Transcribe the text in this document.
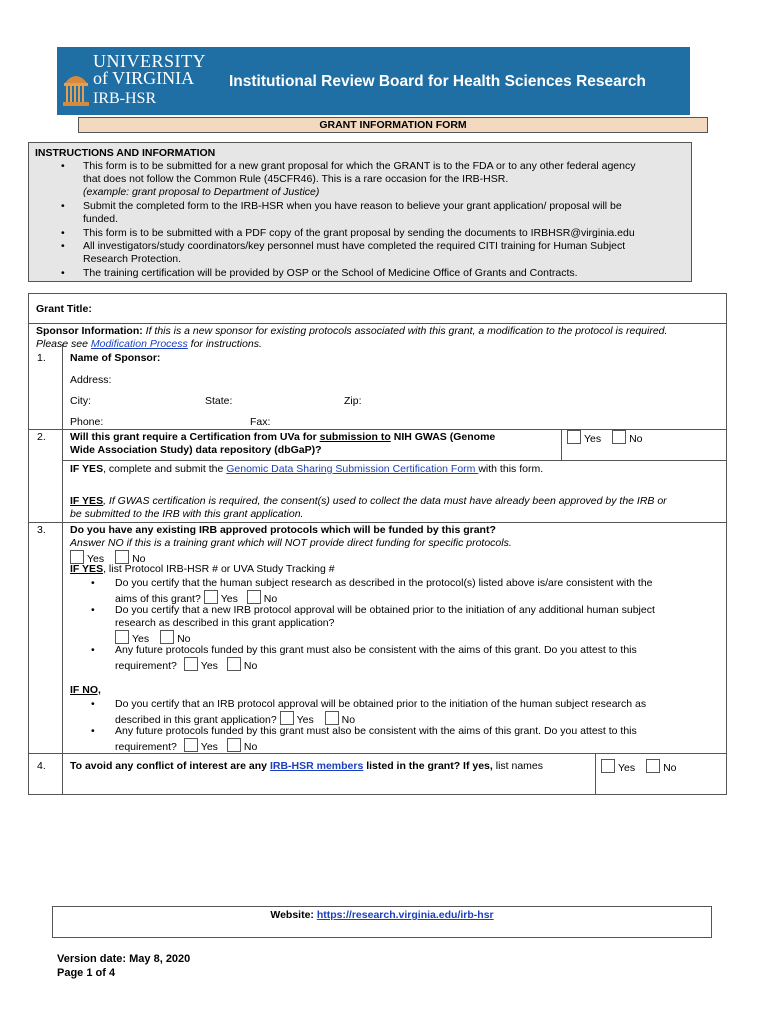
UNIVERSITY
of VIRGINIA
IRB-HSR
Institutional Review Board for Health Sciences Research
GRANT INFORMATION FORM
INSTRUCTIONS AND INFORMATION
• This form is to be submitted for a new grant proposal for which the GRANT is to the FDA or to any other federal agency
that does not follow the Common Rule (45CFR46). This is a rare occasion for the IRB-HSR.
(example: grant proposal to Department of Justice)
• Submit the completed form to the IRB-HSR when you have reason to believe your grant application/ proposal will be
funded.
• This form is to be submitted with a PDF copy of the grant proposal by sending the documents to IRBHSR@virginia.edu
• All investigators/study coordinators/key personnel must have completed the required CITI training for Human Subject
Research Protection.
• The training certification will be provided by OSP or the School of Medicine Office of Grants and Contracts.
Grant Title:
Sponsor Information: If this is a new sponsor for existing protocols associated with this grant, a modification to the protocol is required.
Please see Modification Process for instructions.
1. Name of Sponsor:
Address:
City:	State:	Zip:
Phone:	Fax:
2. Will this grant require a Certification from UVa for submission to NIH GWAS (Genome
Wide Association Study) data repository (dbGaP)?
Yes	No
IF YES, complete and submit the Genomic Data Sharing Submission Certification Form with this form.
IF YES, If GWAS certification is required, the consent(s) used to collect the data must have already been approved by the IRB or
be submitted to the IRB with this grant application.
3. Do you have any existing IRB approved protocols which will be funded by this grant?
Answer NO if this is a training grant which will NOT provide direct funding for specific protocols.
Yes	No
IF YES, list Protocol IRB-HSR # or UVA Study Tracking #
• Do you certify that the human subject research as described in the protocol(s) listed above is/are consistent with the
aims of this grant? Yes No
• Do you certify that a new IRB protocol approval will be obtained prior to the initiation of any additional human subject
research as described in this grant application?
Yes	No
• Any future protocols funded by this grant must also be consistent with the aims of this grant. Do you attest to this
requirement? Yes No
IF NO,
• Do you certify that an IRB protocol approval will be obtained prior to the initiation of the human subject research as
described in this grant application? Yes	No
• Any future protocols funded by this grant must also be consistent with the aims of this grant. Do you attest to this
requirement? Yes No
4. To avoid any conflict of interest are any IRB-HSR members listed in the grant? If yes, list names	Yes	No
Website: https://research.virginia.edu/irb-hsr
Version date: May 8, 2020
Page 1 of 4
